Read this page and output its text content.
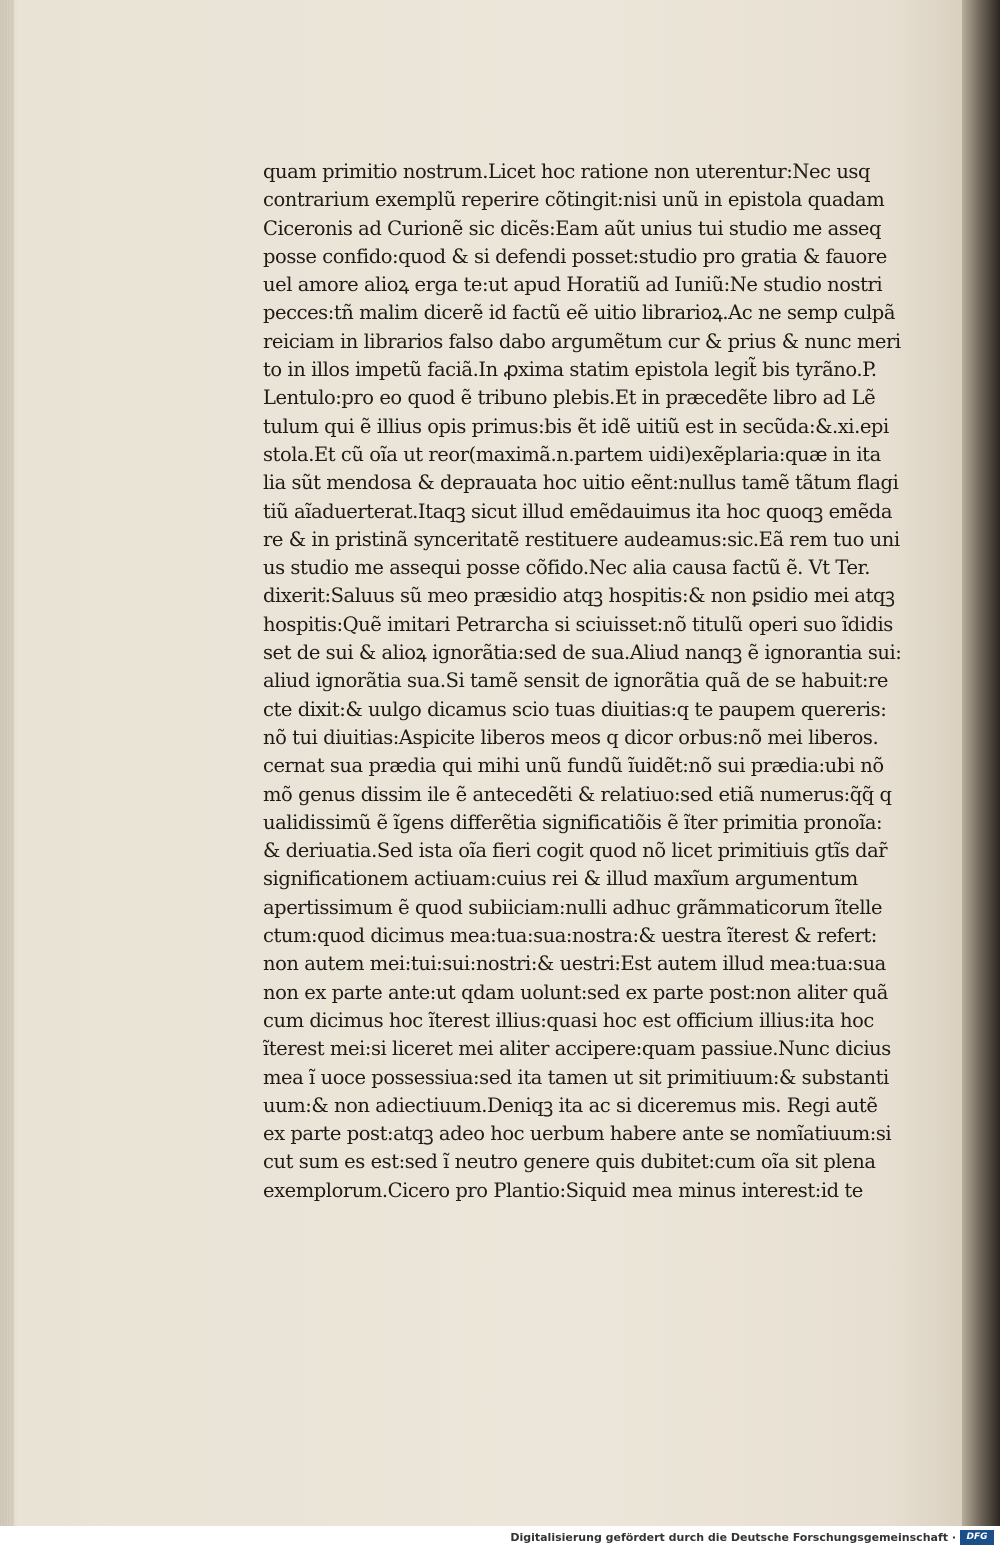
quam primitio nostrum.Licet hoc ratione non uterentur:Nec usq
contrarium exemplũ reperire cõtingit:nisi unũ in epistola quadam
Ciceronis ad Curionẽ sic dicẽs:Eam aũt unius tui studio me asseq
posse confido:quod & si defendi posset:studio pro gratia & fauore
uel amore alioꝝ erga te:ut apud Horatiũ ad Iuniũ:Ne studio nostri
pecces:tñ malim dicerẽ id factũ eẽ uitio librarioꝝ.Ac ne semp culpã
reiciam in librarios falso dabo argumẽtum cur & prius & nunc meri
to in illos impetũ faciã.In ꝓxima statim epistola legit̃ bis tyrãno.P.
Lentulo:pro eo quod ẽ tribuno plebis.Et in præcedẽte libro ad Lẽ
tulum qui ẽ illius opis primus:bis ẽt idẽ uitiũ est in secũda:&.xi.epi
stola.Et cũ oĩa ut reor(maximã.n.partem uidi)exẽplaria:quæ in ita
lia sũt mendosa & deprauata hoc uitio eẽnt:nullus tamẽ tãtum flagi
tiũ aĩaduerterat.Itaqꝫ sicut illud emẽdauimus ita hoc quoqꝫ emẽda
re & in pristinã synceritatẽ restituere audeamus:sic.Eã rem tuo uni
us studio me assequi posse cõfido.Nec alia causa factũ ẽ. Vt Ter.
dixerit:Saluus sũ meo præsidio atqꝫ hospitis:& non ꝑsidio mei atqꝫ
hospitis:Quẽ imitari Petrarcha si sciuisset:nõ titulũ operi suo ĩdidis
set de sui & alioꝝ ignorãtia:sed de sua.Aliud nanqꝫ ẽ ignorantia sui:
aliud ignorãtia sua.Si tamẽ sensit de ignorãtia quã de se habuit:re
cte dixit:& uulgo dicamus scio tuas diuitias:q te paupem quereris:
nõ tui diuitias:Aspicite liberos meos q dicor orbus:nõ mei liberos.
cernat sua prædia qui mihi unũ fundũ ĩuidẽt:nõ sui prædia:ubi nõ
mõ genus dissim ile ẽ antecedẽti & relatiuo:sed etiã numerus:q̃q̃ q
ualidissimũ ẽ ĩgens differẽtia significatiõis ẽ ĩter primitia pronoĩa:
& deriuatia.Sed ista oĩa fieri cogit quod nõ licet primitiuis gtĩs dar̃
significationem actiuam:cuius rei & illud maxĩum argumentum
apertissimum ẽ quod subiiciam:nulli adhuc grãmmaticorum ĩtelle
ctum:quod dicimus mea:tua:sua:nostra:& uestra ĩterest & refert:
non autem mei:tui:sui:nostri:& uestri:Est autem illud mea:tua:sua
non ex parte ante:ut qdam uolunt:sed ex parte post:non aliter quã
cum dicimus hoc ĩterest illius:quasi hoc est officium illius:ita hoc
ĩterest mei:si liceret mei aliter accipere:quam passiue.Nunc dicius
mea ĩ uoce possessiua:sed ita tamen ut sit primitiuum:& substanti
uum:& non adiectiuum.Deniqꝫ ita ac si diceremus mis. Regi autẽ
ex parte post:atqꝫ adeo hoc uerbum habere ante se nomĩatiuum:si
cut sum es est:sed ĩ neutro genere quis dubitet:cum oĩa sit plena
exemplorum.Cicero pro Plantio:Siquid mea minus interest:id te
Digitalisierung gefördert durch die Deutsche Forschungsgemeinschaft ·	DFG
